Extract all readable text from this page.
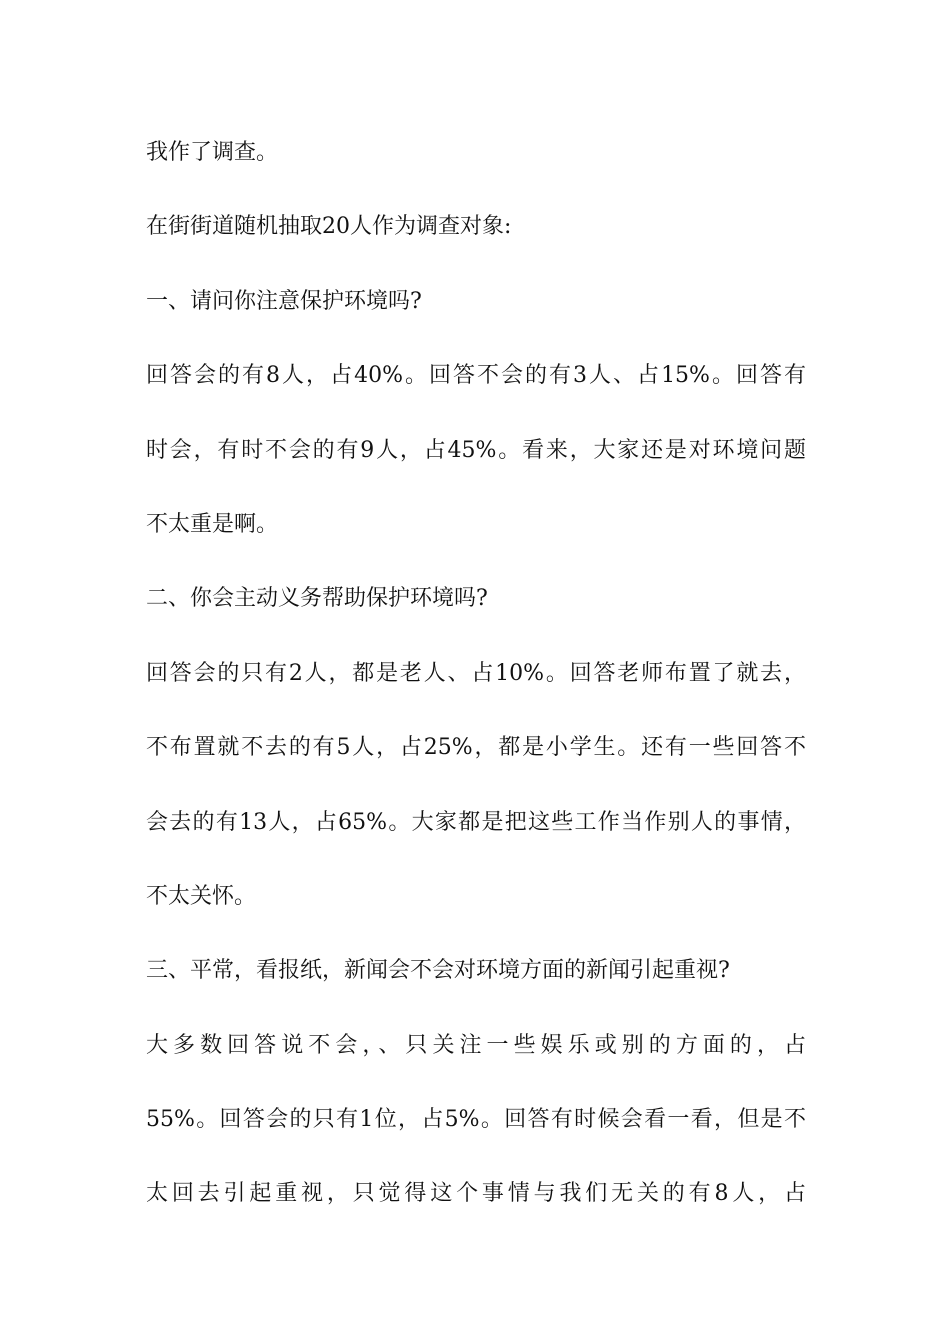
我作了调查。

在街街道随机抽取20人作为调查对象:

一、请问你注意保护环境吗?

回答会的有8人，占40%。回答不会的有3人、占15%。回答有

时会，有时不会的有9人，占45%。看来，大家还是对环境问题

不太重是啊。

二、你会主动义务帮助保护环境吗?

回答会的只有2人，都是老人、占10%。回答老师布置了就去，

不布置就不去的有5人，占25%，都是小学生。还有一些回答不

会去的有13人，占65%。大家都是把这些工作当作别人的事情，

不太关怀。

三、平常，看报纸，新闻会不会对环境方面的新闻引起重视?

大多数回答说不会，、只关注一些娱乐或别的方面的，占

55%。回答会的只有1位，占5%。回答有时候会看一看，但是不

太回去引起重视，只觉得这个事情与我们无关的有8人，占
